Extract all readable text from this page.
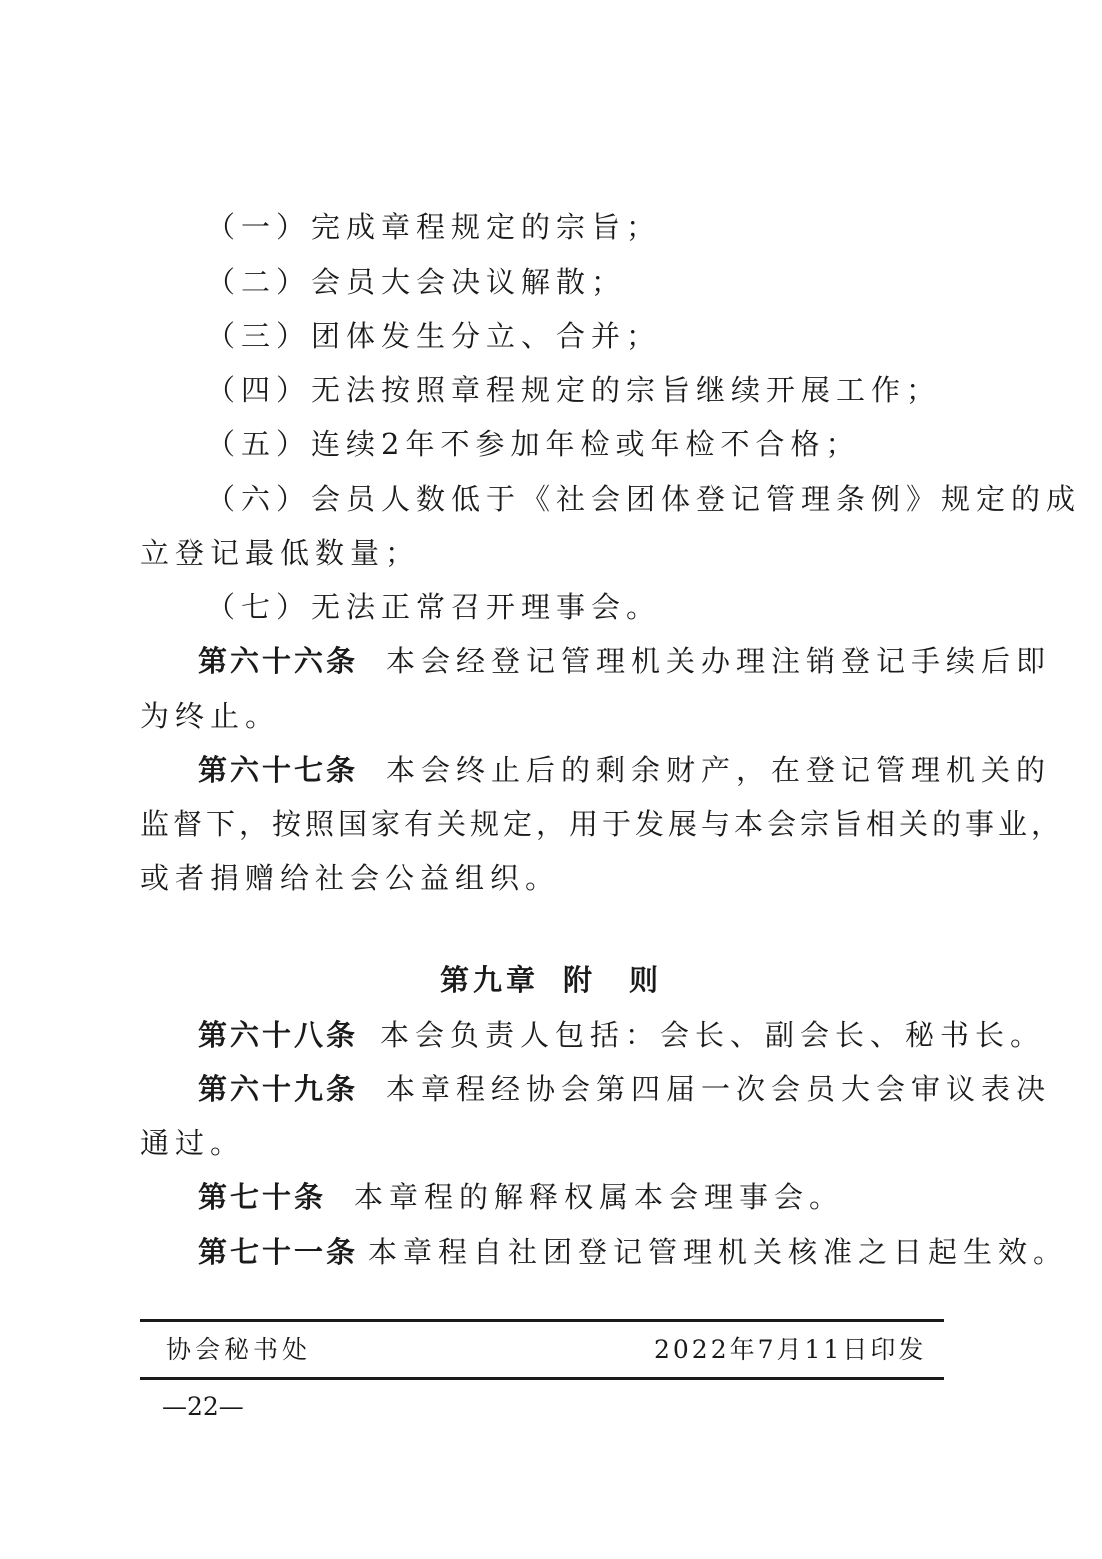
（一）完成章程规定的宗旨；
（二）会员大会决议解散；
（三）团体发生分立、合并；
（四）无法按照章程规定的宗旨继续开展工作；
（五）连续2年不参加年检或年检不合格；
（六）会员人数低于《社会团体登记管理条例》规定的成
立登记最低数量；
（七）无法正常召开理事会。
第六十六条 本会经登记管理机关办理注销登记手续后即
为终止。
第六十七条 本会终止后的剩余财产，在登记管理机关的
监督下，按照国家有关规定，用于发展与本会宗旨相关的事业，
或者捐赠给社会公益组织。
第九章 附　则
第六十八条 本会负责人包括：会长、副会长、秘书长。
第六十九条 本章程经协会第四届一次会员大会审议表决
通过。
第七十条 本章程的解释权属本会理事会。
第七十一条 本章程自社团登记管理机关核准之日起生效。
协会秘书处	2022年7月11日印发
—22—
